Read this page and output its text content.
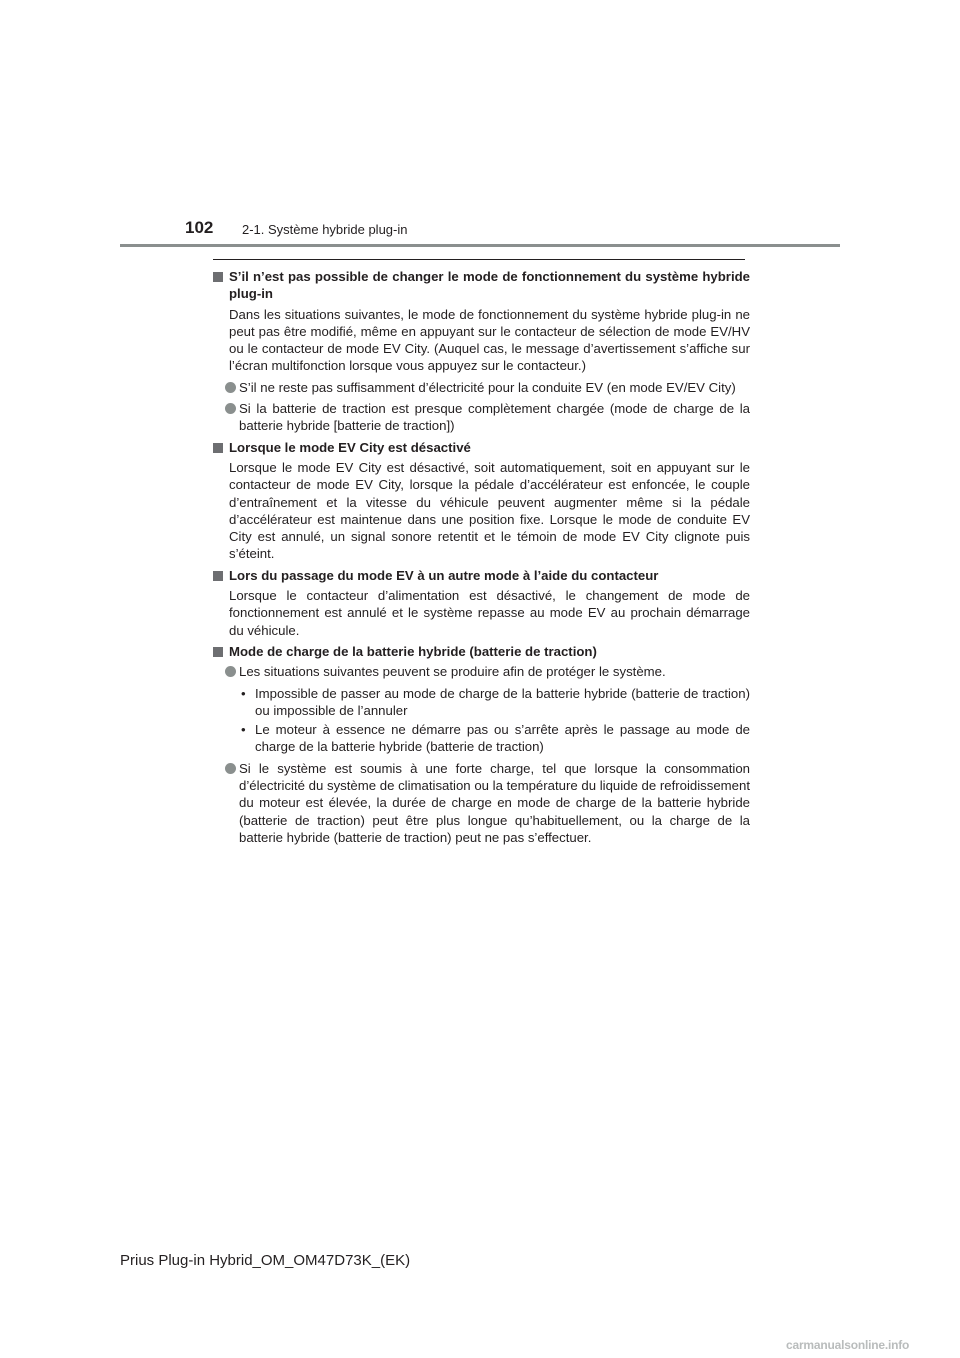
102 2-1. Système hybride plug-in
S’il n’est pas possible de changer le mode de fonctionnement du système hybride plug-in
Dans les situations suivantes, le mode de fonctionnement du système hybride plug-in ne peut pas être modifié, même en appuyant sur le contacteur de sélection de mode EV/HV ou le contacteur de mode EV City. (Auquel cas, le message d’avertissement s’affiche sur l’écran multifonction lorsque vous appuyez sur le contacteur.)
S’il ne reste pas suffisamment d’électricité pour la conduite EV (en mode EV/EV City)
Si la batterie de traction est presque complètement chargée (mode de charge de la batterie hybride [batterie de traction])
Lorsque le mode EV City est désactivé
Lorsque le mode EV City est désactivé, soit automatiquement, soit en appuyant sur le contacteur de mode EV City, lorsque la pédale d’accélérateur est enfoncée, le couple d’entraînement et la vitesse du véhicule peuvent augmenter même si la pédale d’accélérateur est maintenue dans une position fixe. Lorsque le mode de conduite EV City est annulé, un signal sonore retentit et le témoin de mode EV City clignote puis s’éteint.
Lors du passage du mode EV à un autre mode à l’aide du contacteur
Lorsque le contacteur d’alimentation est désactivé, le changement de mode de fonctionnement est annulé et le système repasse au mode EV au prochain démarrage du véhicule.
Mode de charge de la batterie hybride (batterie de traction)
Les situations suivantes peuvent se produire afin de protéger le système.
• Impossible de passer au mode de charge de la batterie hybride (batterie de traction) ou impossible de l’annuler
• Le moteur à essence ne démarre pas ou s’arrête après le passage au mode de charge de la batterie hybride (batterie de traction)
Si le système est soumis à une forte charge, tel que lorsque la consommation d’électricité du système de climatisation ou la température du liquide de refroidissement du moteur est élevée, la durée de charge en mode de charge de la batterie hybride (batterie de traction) peut être plus longue qu’habituellement, ou la charge de la batterie hybride (batterie de traction) peut ne pas s’effectuer.
Prius Plug-in Hybrid_OM_OM47D73K_(EK)
carmanualsonline.info
